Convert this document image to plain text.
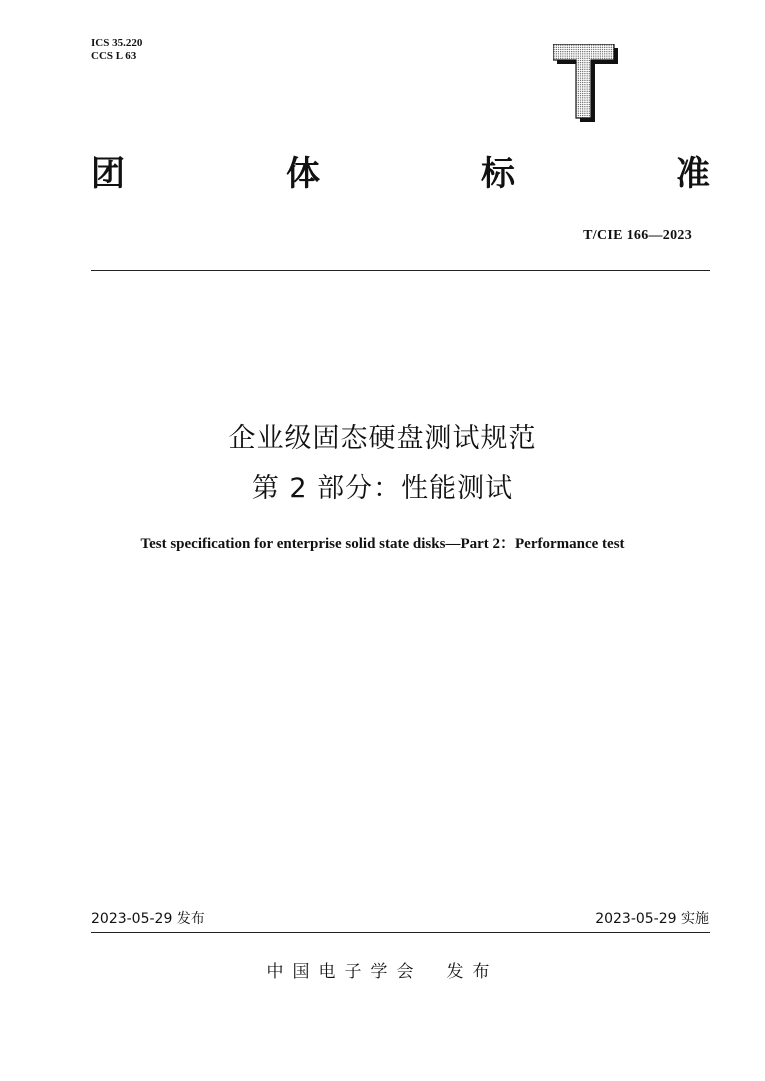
ICS 35.220
CCS L 63
团	体	标	准
T/CIE 166—2023
企业级固态硬盘测试规范
第 2 部分：性能测试
Test specification for enterprise solid state disks—Part 2：Performance test
2023-05-29 发布	2023-05-29 实施
中国电子学会 发布
